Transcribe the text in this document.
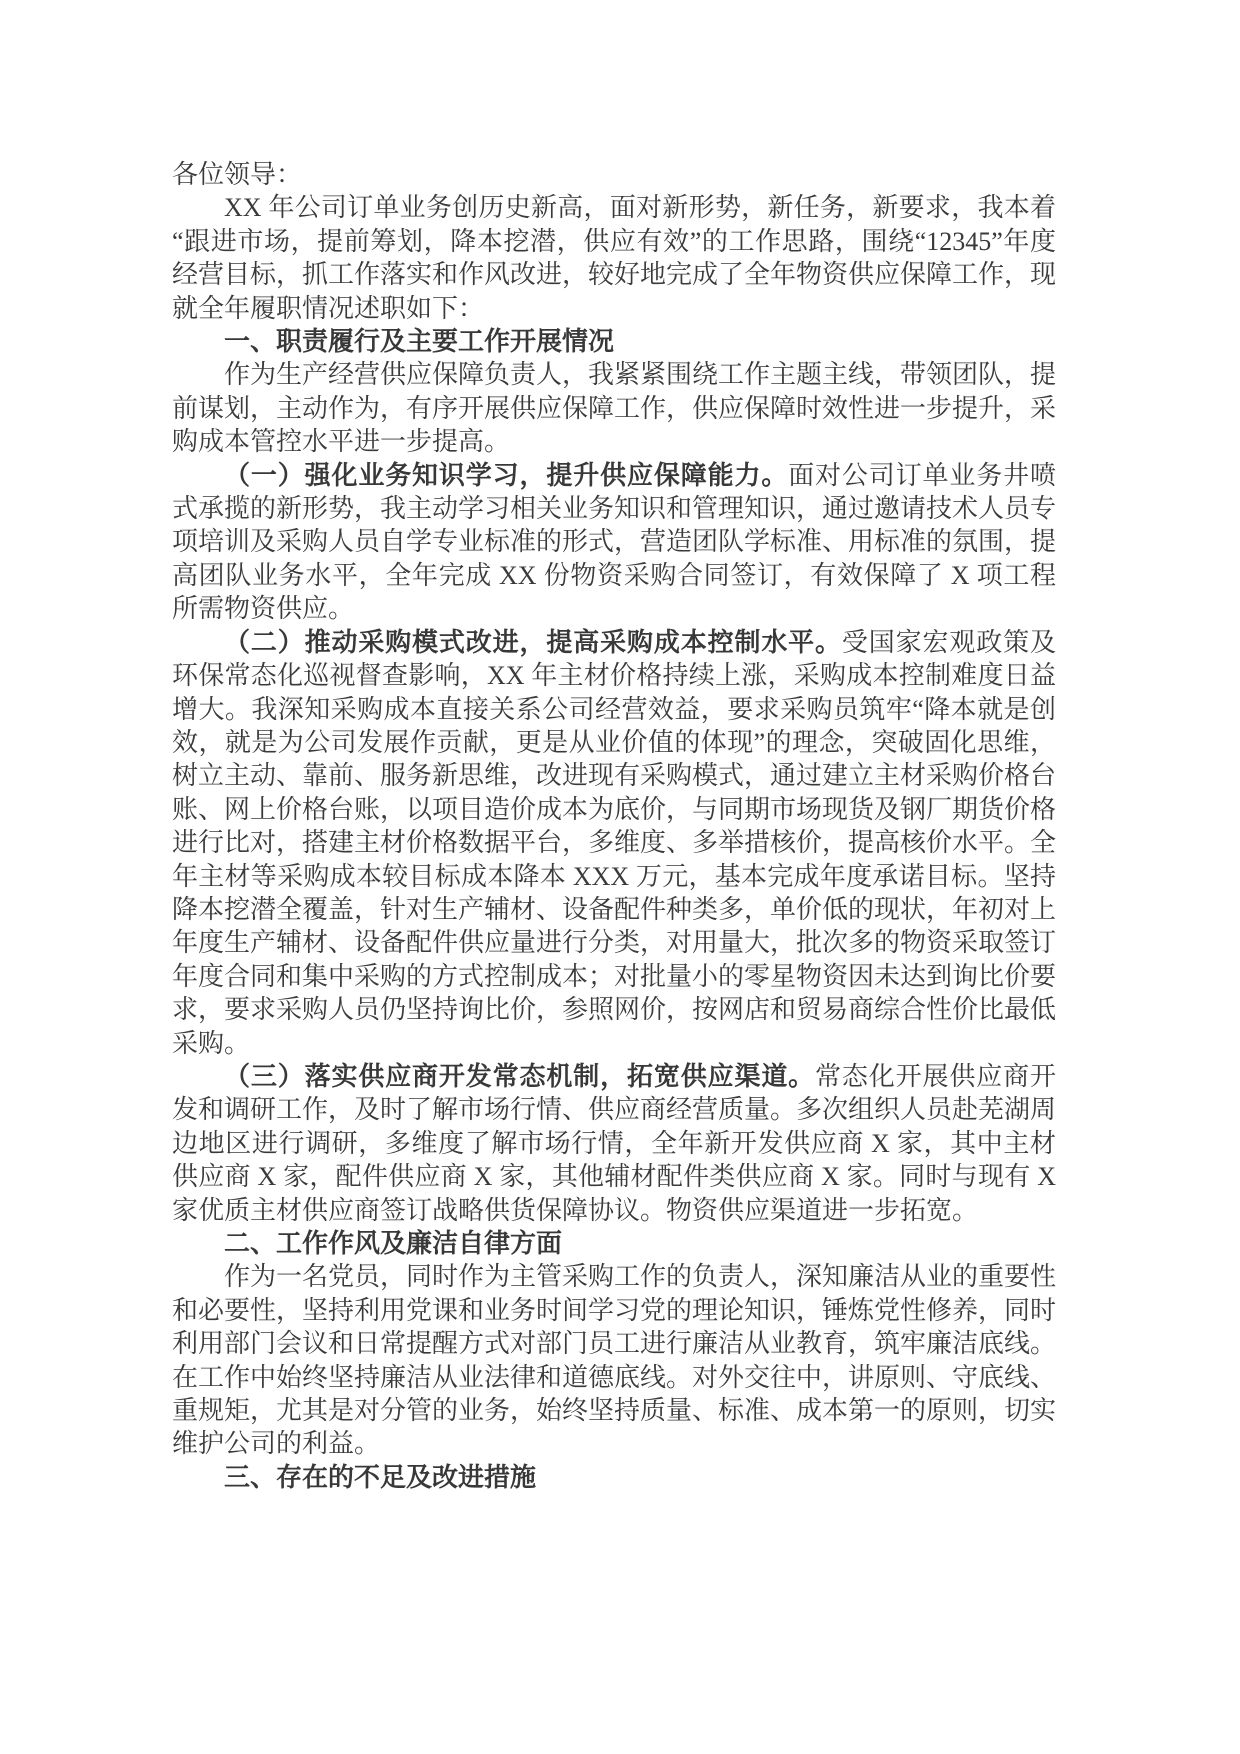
各位领导：

XX 年公司订单业务创历史新高，面对新形势，新任务，新要求，我本着“跟进市场，提前筹划，降本挖潜，供应有效”的工作思路，围绕“12345”年度经营目标，抓工作落实和作风改进，较好地完成了全年物资供应保障工作，现就全年履职情况述职如下：

一、职责履行及主要工作开展情况

作为生产经营供应保障负责人，我紧紧围绕工作主题主线，带领团队，提前谋划，主动作为，有序开展供应保障工作，供应保障时效性进一步提升，采购成本管控水平进一步提高。

（一）强化业务知识学习，提升供应保障能力。面对公司订单业务井喷式承揽的新形势，我主动学习相关业务知识和管理知识，通过邀请技术人员专项培训及采购人员自学专业标准的形式，营造团队学标准、用标准的氛围，提高团队业务水平，全年完成 XX 份物资采购合同签订，有效保障了 X 项工程所需物资供应。

（二）推动采购模式改进，提高采购成本控制水平。受国家宏观政策及环保常态化巡视督查影响，XX 年主材价格持续上涨，采购成本控制难度日益增大。我深知采购成本直接关系公司经营效益，要求采购员筑牢“降本就是创效，就是为公司发展作贡献，更是从业价值的体现”的理念，突破固化思维，树立主动、靠前、服务新思维，改进现有采购模式，通过建立主材采购价格台账、网上价格台账，以项目造价成本为底价，与同期市场现货及钢厂期货价格进行比对，搭建主材价格数据平台，多维度、多举措核价，提高核价水平。全年主材等采购成本较目标成本降本 XXX 万元，基本完成年度承诺目标。坚持降本挖潜全覆盖，针对生产辅材、设备配件种类多，单价低的现状，年初对上年度生产辅材、设备配件供应量进行分类，对用量大，批次多的物资采取签订年度合同和集中采购的方式控制成本；对批量小的零星物资因未达到询比价要求，要求采购人员仍坚持询比价，参照网价，按网店和贸易商综合性价比最低采购。

（三）落实供应商开发常态机制，拓宽供应渠道。常态化开展供应商开发和调研工作，及时了解市场行情、供应商经营质量。多次组织人员赴芜湖周边地区进行调研，多维度了解市场行情，全年新开发供应商 X 家，其中主材供应商 X 家，配件供应商 X 家，其他辅材配件类供应商 X 家。同时与现有 X 家优质主材供应商签订战略供货保障协议。物资供应渠道进一步拓宽。

二、工作作风及廉洁自律方面

作为一名党员，同时作为主管采购工作的负责人，深知廉洁从业的重要性和必要性，坚持利用党课和业务时间学习党的理论知识，锤炼党性修养，同时利用部门会议和日常提醒方式对部门员工进行廉洁从业教育，筑牢廉洁底线。在工作中始终坚持廉洁从业法律和道德底线。对外交往中，讲原则、守底线、重规矩，尤其是对分管的业务，始终坚持质量、标准、成本第一的原则，切实维护公司的利益。

三、存在的不足及改进措施
